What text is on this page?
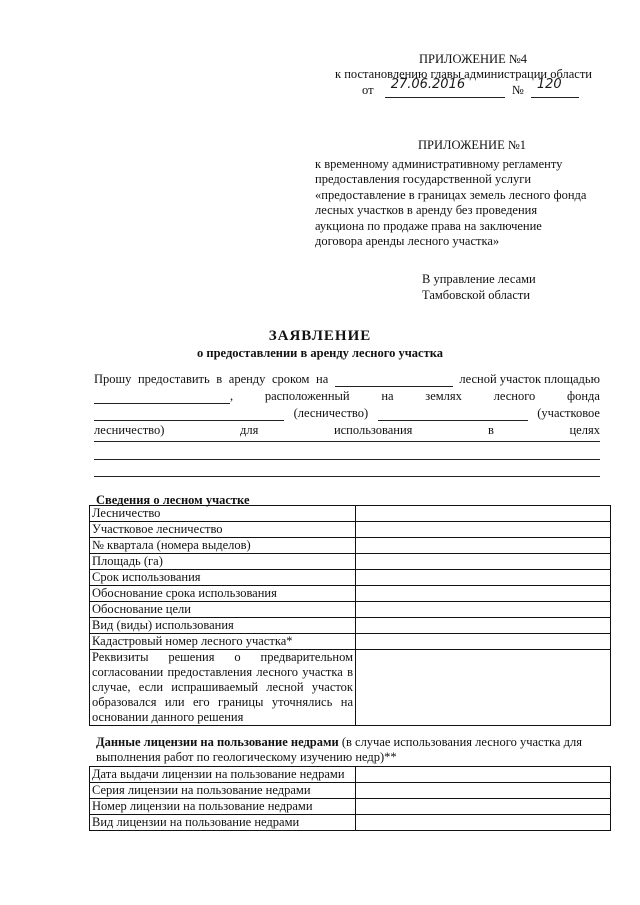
ПРИЛОЖЕНИЕ №4
к постановлению главы администрации области
от 27.06.2016	№ 120
ПРИЛОЖЕНИЕ №1
к временному административному регламенту
предоставления государственной услуги
«предоставление в границах земель лесного фонда
лесных участков в аренду без проведения
аукциона по продаже права на заключение
договора аренды лесного участка»
В управление лесами
Тамбовской области
ЗАЯВЛЕНИЕ
о предоставлении в аренду лесного участка
Прошу предоставить в аренду сроком на	лесной участок площадью
,	расположенный	на	землях	лесного	фонда
(лесничество)	(участковое
лесничество)	для	использования	в	целях
Сведения о лесном участке
Лесничество	
Участковое лесничество	
№ квартала (номера выделов)	
Площадь (га)	
Срок использования	
Обоснование срока использования	
Обоснование цели	
Вид (виды) использования	
Кадастровый номер лесного участка*	
Реквизиты решения о предварительном согласовании предоставления лесного участка в случае, если испрашиваемый лесной участок образовался или его границы уточнялись на основании данного решения	
Данные лицензии на пользование недрами (в случае использования лесного участка для выполнения работ по геологическому изучению недр)**
Дата выдачи лицензии на пользование недрами	
Серия лицензии на пользование недрами	
Номер лицензии на пользование недрами	
Вид лицензии на пользование недрами	
